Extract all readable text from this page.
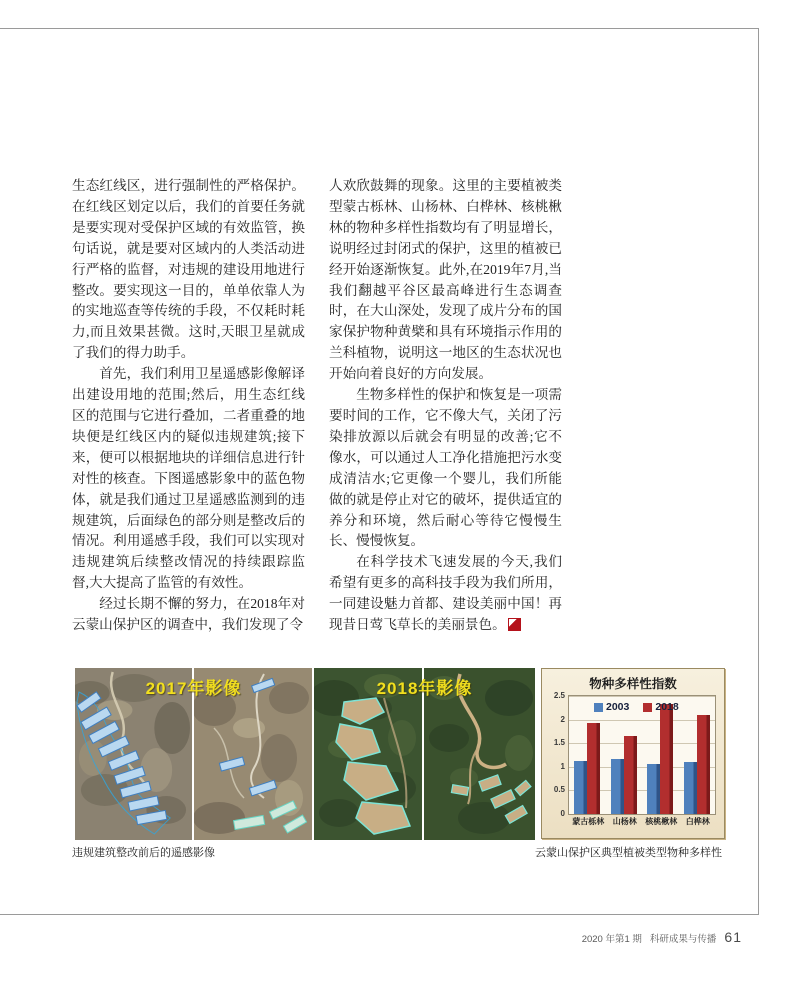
生态红线区，进行强制性的严格保护。在红线区划定以后，我们的首要任务就是要实现对受保护区域的有效监管，换句话说，就是要对区域内的人类活动进行严格的监督，对违规的建设用地进行整改。要实现这一目的，单单依靠人为的实地巡查等传统的手段，不仅耗时耗力,而且效果甚微。这时,天眼卫星就成了我们的得力助手。

首先，我们利用卫星遥感影像解译出建设用地的范围;然后，用生态红线区的范围与它进行叠加，二者重叠的地块便是红线区内的疑似违规建筑;接下来，便可以根据地块的详细信息进行针对性的核查。下图遥感影象中的蓝色物体，就是我们通过卫星遥感监测到的违规建筑，后面绿色的部分则是整改后的情况。利用遥感手段，我们可以实现对违规建筑后续整改情况的持续跟踪监督,大大提高了监管的有效性。

经过长期不懈的努力，在2018年对云蒙山保护区的调查中，我们发现了令

人欢欣鼓舞的现象。这里的主要植被类型蒙古栎林、山杨林、白桦林、核桃楸林的物种多样性指数均有了明显增长，说明经过封闭式的保护，这里的植被已经开始逐渐恢复。此外,在2019年7月,当我们翻越平谷区最高峰进行生态调查时，在大山深处，发现了成片分布的国家保护物种黄檗和具有环境指示作用的兰科植物，说明这一地区的生态状况也开始向着良好的方向发展。

生物多样性的保护和恢复是一项需要时间的工作，它不像大气，关闭了污染排放源以后就会有明显的改善;它不像水，可以通过人工净化措施把污水变成清洁水;它更像一个婴儿，我们所能做的就是停止对它的破坏，提供适宜的养分和环境，然后耐心等待它慢慢生长、慢慢恢复。

在科学技术飞速发展的今天,我们希望有更多的高科技手段为我们所用，一同建设魅力首都、建设美丽中国！再现昔日莺飞草长的美丽景色。

2017年影像	2018年影像	物种多样性指数
蒙古栎林 山杨林 核桃楸林 白桦林
2003 2018
0
0.5
1
1.5
2
2.5
违规建筑整改前后的遥感影像	云蒙山保护区典型植被类型物种多样性
2020 年第1 期 科研成果与传播 61
